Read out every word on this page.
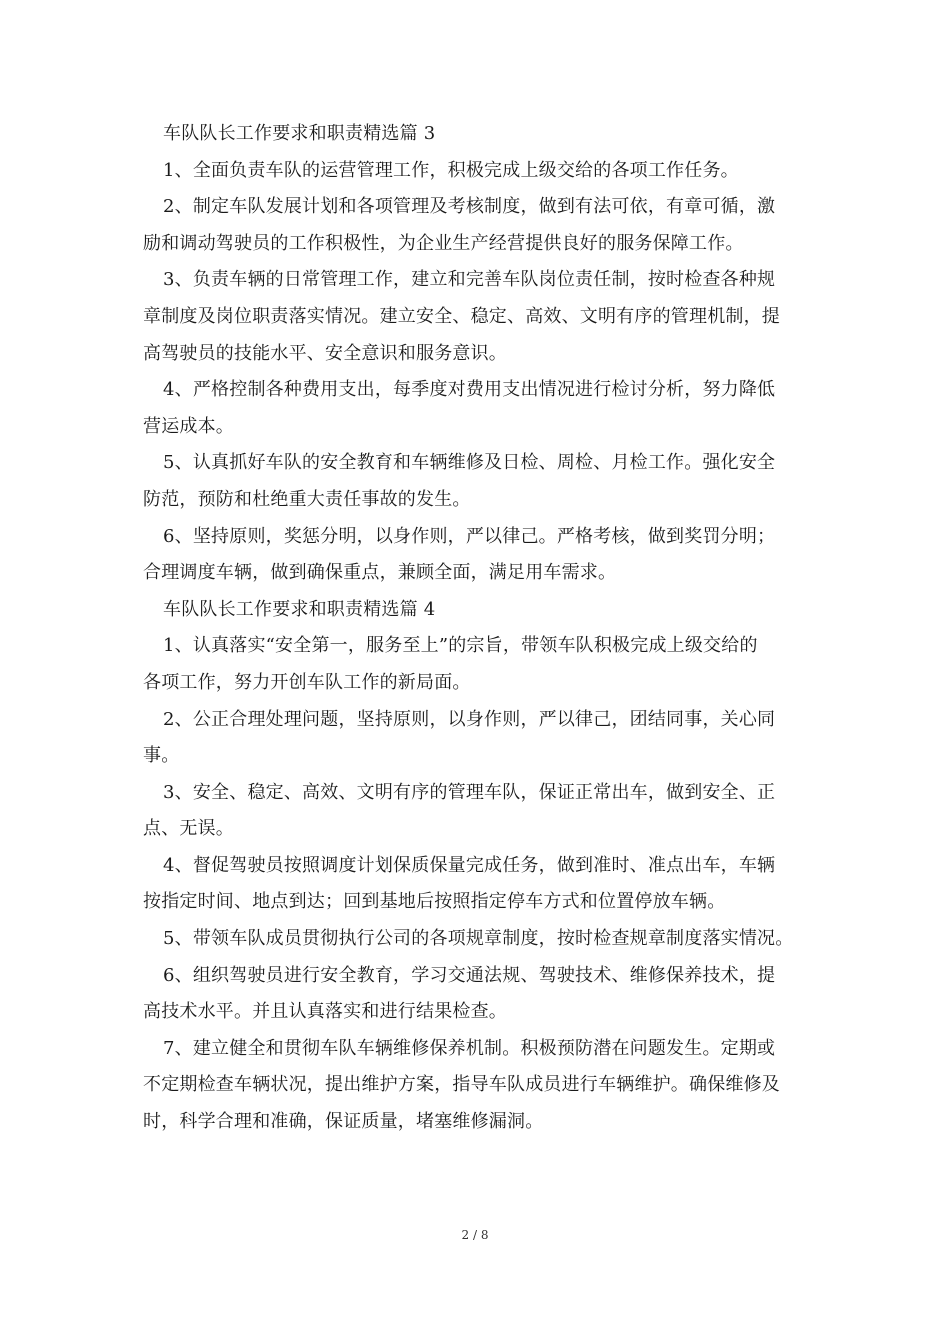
车队队长工作要求和职责精选篇 3

1、全面负责车队的运营管理工作，积极完成上级交给的各项工作任务。

2、制定车队发展计划和各项管理及考核制度，做到有法可依，有章可循，激
励和调动驾驶员的工作积极性，为企业生产经营提供良好的服务保障工作。

3、负责车辆的日常管理工作，建立和完善车队岗位责任制，按时检查各种规
章制度及岗位职责落实情况。建立安全、稳定、高效、文明有序的管理机制，提
高驾驶员的技能水平、安全意识和服务意识。

4、严格控制各种费用支出，每季度对费用支出情况进行检讨分析，努力降低
营运成本。

5、认真抓好车队的安全教育和车辆维修及日检、周检、月检工作。强化安全
防范，预防和杜绝重大责任事故的发生。

6、坚持原则，奖惩分明，以身作则，严以律己。严格考核，做到奖罚分明；
合理调度车辆，做到确保重点，兼顾全面，满足用车需求。

车队队长工作要求和职责精选篇 4

1、认真落实“安全第一，服务至上”的宗旨，带领车队积极完成上级交给的
各项工作，努力开创车队工作的新局面。

2、公正合理处理问题，坚持原则，以身作则，严以律己，团结同事，关心同
事。

3、安全、稳定、高效、文明有序的管理车队，保证正常出车，做到安全、正
点、无误。

4、督促驾驶员按照调度计划保质保量完成任务，做到准时、准点出车，车辆
按指定时间、地点到达；回到基地后按照指定停车方式和位置停放车辆。

5、带领车队成员贯彻执行公司的各项规章制度，按时检查规章制度落实情况。

6、组织驾驶员进行安全教育，学习交通法规、驾驶技术、维修保养技术，提
高技术水平。并且认真落实和进行结果检查。

7、建立健全和贯彻车队车辆维修保养机制。积极预防潜在问题发生。定期或
不定期检查车辆状况，提出维护方案，指导车队成员进行车辆维护。确保维修及
时，科学合理和准确，保证质量，堵塞维修漏洞。

2 / 8
